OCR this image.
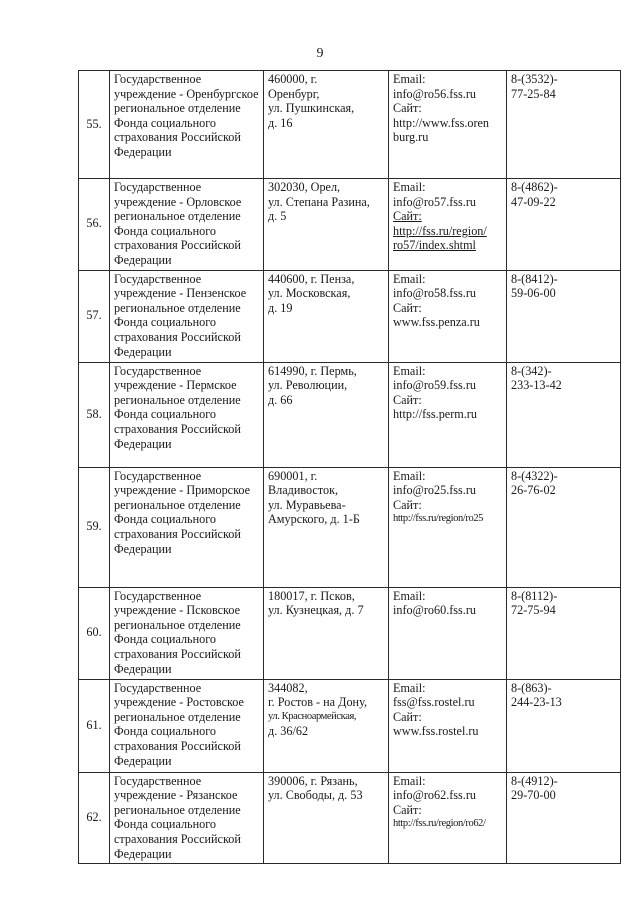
9
55.	Государственное учреждение - Оренбургское региональное отделение Фонда социального страхования Российской Федерации	460000, г.
Оренбург,
ул. Пушкинская,
д. 16	Email:
info@ro56.fss.ru
Сайт:
http://www.fss.oren
burg.ru	8-(3532)-
77-25-84

56.	Государственное учреждение - Орловское региональное отделение Фонда социального страхования Российской Федерации	302030, Орел,
ул. Степана Разина,
д. 5	Email:
info@ro57.fss.ru
Сайт:
http://fss.ru/region/
ro57/index.shtml	8-(4862)-
47-09-22

57.	Государственное учреждение - Пензенское региональное отделение Фонда социального страхования Российской Федерации	440600, г. Пенза,
ул. Московская,
д. 19	Email:
info@ro58.fss.ru
Сайт:
www.fss.penza.ru	8-(8412)-
59-06-00

58.	Государственное учреждение - Пермское региональное отделение Фонда социального страхования Российской Федерации	614990, г. Пермь,
ул. Революции,
д. 66	Email:
info@ro59.fss.ru
Сайт:
http://fss.perm.ru	8-(342)-
233-13-42

59.	Государственное учреждение - Приморское региональное отделение Фонда социального страхования Российской Федерации	690001, г.
Владивосток,
ул. Муравьева-
Амурского, д. 1-Б	Email:
info@ro25.fss.ru
Сайт:
http://fss.ru/region/ro25	8-(4322)-
26-76-02

60.	Государственное учреждение - Псковское региональное отделение Фонда социального страхования Российской Федерации	180017, г. Псков,
ул. Кузнецкая, д. 7	Email:
info@ro60.fss.ru	8-(8112)-
72-75-94

61.	Государственное учреждение - Ростовское региональное отделение Фонда социального страхования Российской Федерации	344082,
г. Ростов - на Дону,
ул. Красноармейская,
д. 36/62	Email:
fss@fss.rostel.ru
Сайт:
www.fss.rostel.ru	8-(863)-
244-23-13

62.	Государственное учреждение - Рязанское региональное отделение Фонда социального страхования Российской Федерации	390006, г. Рязань,
ул. Свободы, д. 53	Email:
info@ro62.fss.ru
Сайт:
http://fss.ru/region/ro62/	8-(4912)-
29-70-00
